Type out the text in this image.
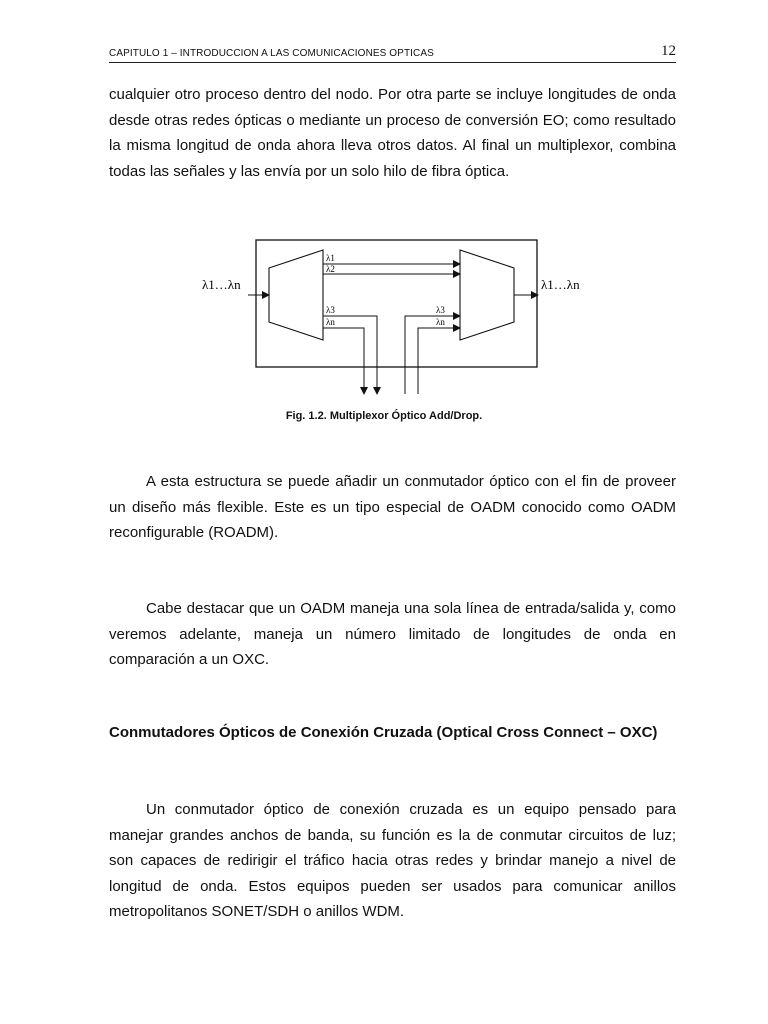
CAPITULO 1 – INTRODUCCION A LAS COMUNICACIONES OPTICAS	12

cualquier otro proceso dentro del nodo. Por otra parte se incluye longitudes de onda desde otras redes ópticas o mediante un proceso de conversión EO; como resultado la misma longitud de onda ahora lleva otros datos. Al final un multiplexor, combina todas las señales y las envía por un solo hilo de fibra óptica.

λ1…λn	λ1…λn
λ1
λ2
λ3
λn
λ3
λn
Fig. 1.2. Multiplexor Óptico Add/Drop.

A esta estructura se puede añadir un conmutador óptico con el fin de proveer un diseño más flexible. Este es un tipo especial de OADM conocido como OADM reconfigurable (ROADM).

Cabe destacar que un OADM maneja una sola línea de entrada/salida y, como veremos adelante, maneja un número limitado de longitudes de onda en comparación a un OXC.

Conmutadores Ópticos de Conexión Cruzada (Optical Cross Connect – OXC)

Un conmutador óptico de conexión cruzada es un equipo pensado para manejar grandes anchos de banda, su función es la de conmutar circuitos de luz; son capaces de redirigir el tráfico hacia otras redes y brindar manejo a nivel de longitud de onda. Estos equipos pueden ser usados para comunicar anillos metropolitanos SONET/SDH o anillos WDM.
